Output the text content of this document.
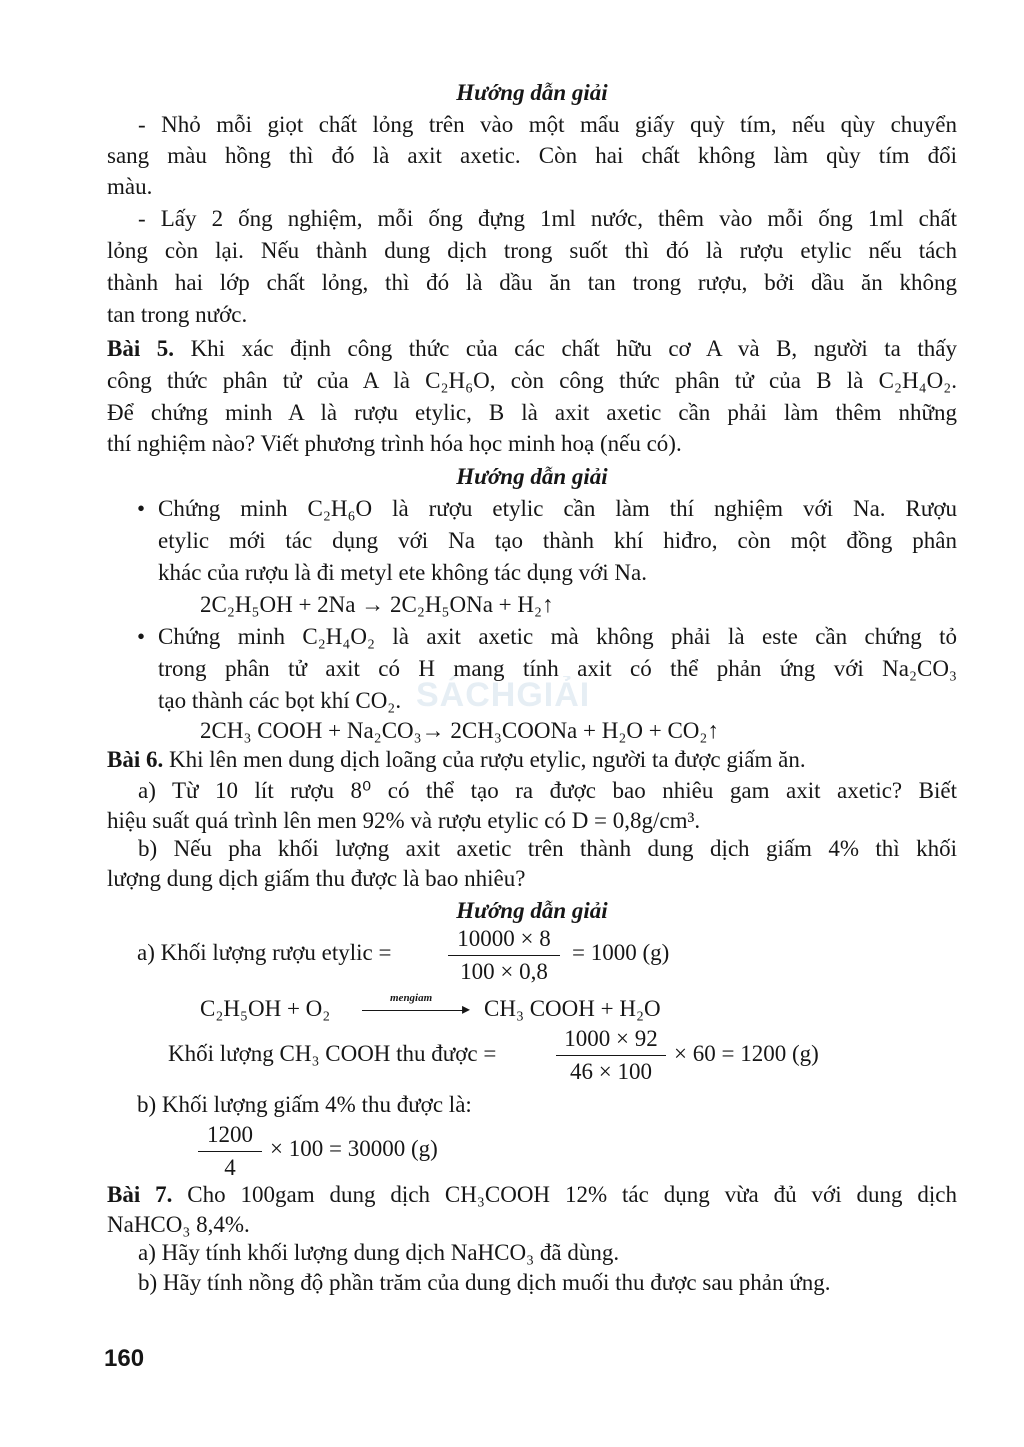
Hướng dẫn giải

- Nhỏ mỗi giọt chất lỏng trên vào một mẩu giấy quỳ tím, nếu qùy chuyển

sang màu hồng thì đó là axit axetic. Còn hai chất không làm qùy tím đổi

màu.

- Lấy 2 ống nghiệm, mỗi ống đựng 1ml nước, thêm vào mỗi ống 1ml chất

lỏng còn lại. Nếu thành dung dịch trong suốt thì đó là rượu etylic nếu tách

thành hai lớp chất lỏng, thì đó là dầu ăn tan trong rượu, bởi dầu ăn không

tan trong nước.

Bài 5. Khi xác định công thức của các chất hữu cơ A và B, người ta thấy

công thức phân tử của A là C₂H₆O, còn công thức phân tử của B là C₂H₄O₂.

Để chứng minh A là rượu etylic, B là axit axetic cần phải làm thêm những

thí nghiệm nào? Viết phương trình hóa học minh hoạ (nếu có).

Hướng dẫn giải

• Chứng minh C₂H₆O là rượu etylic cần làm thí nghiệm với Na. Rượu

etylic mới tác dụng với Na tạo thành khí hiđro, còn một đồng phân

khác của rượu là đi metyl ete không tác dụng với Na.

2C₂H₅OH + 2Na → 2C₂H₅ONa + H₂↑

• Chứng minh C₂H₄O₂ là axit axetic mà không phải là este cần chứng tỏ

trong phân tử axit có H mang tính axit có thể phản ứng với Na₂CO₃

tạo thành các bọt khí CO₂.

2CH₃ COOH + Na₂CO₃→ 2CH₃COONa + H₂O + CO₂↑

SÁCHGIẢI

Bài 6. Khi lên men dung dịch loãng của rượu etylic, người ta được giấm ăn.

a) Từ 10 lít rượu 8⁰ có thể tạo ra được bao nhiêu gam axit axetic? Biết

hiệu suất quá trình lên men 92% và rượu etylic có D = 0,8g/cm³.

b) Nếu pha khối lượng axit axetic trên thành dung dịch giấm 4% thì khối

lượng dung dịch giấm thu được là bao nhiêu?

Hướng dẫn giải

a) Khối lượng rượu etylic = $\frac{10000 \times 8}{100 \times 0,8} = 1000$ (g)

C₂H₅OH + O₂	mengiam
▸ CH₃ COOH + H₂O

Khối lượng CH₃ COOH thu được =	$\frac{1000 \times 92}{46 \times 100} \times 60 = 1200$ (g)

b) Khối lượng giấm 4% thu được là:

$\frac{1200}{4} \times 100 = 30000$ (g)

Bài 7. Cho 100gam dung dịch CH₃COOH 12% tác dụng vừa đủ với dung dịch

NaHCO₃ 8,4%.

a) Hãy tính khối lượng dung dịch NaHCO₃ đã dùng.

b) Hãy tính nồng độ phần trăm của dung dịch muối thu được sau phản ứng.

160
